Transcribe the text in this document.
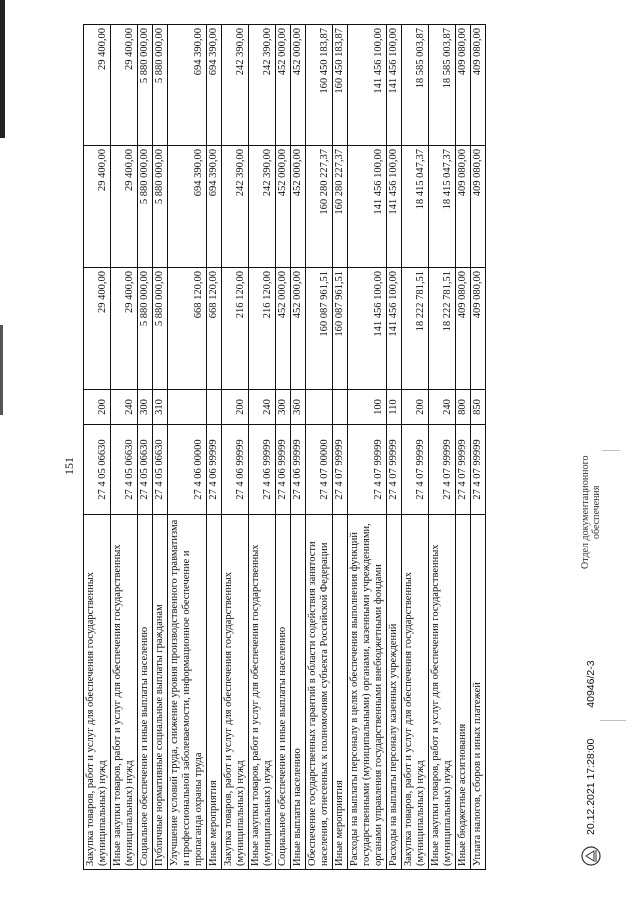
151
Закупка товаров, работ и услуг для обеспечения государственных (муниципальных) нужд	27 4 05 06630	200	29 400,00	29 400,00	29 400,00
Иные закупки товаров, работ и услуг для обеспечения государственных (муниципальных) нужд	27 4 05 06630	240	29 400,00	29 400,00	29 400,00
Социальное обеспечение и иные выплаты населению	27 4 05 06630	300	5 880 000,00	5 880 000,00	5 880 000,00
Публичные нормативные социальные выплаты гражданам	27 4 05 06630	310	5 880 000,00	5 880 000,00	5 880 000,00
Улучшение условий труда, снижение уровня производственного травматизма и профессиональной заболеваемости, информационное обеспечение и пропаганда охраны труда	27 4 06 00000		668 120,00	694 390,00	694 390,00
Иные мероприятия	27 4 06 99999		668 120,00	694 390,00	694 390,00
Закупка товаров, работ и услуг для обеспечения государственных (муниципальных) нужд	27 4 06 99999	200	216 120,00	242 390,00	242 390,00
Иные закупки товаров, работ и услуг для обеспечения государственных (муниципальных) нужд	27 4 06 99999	240	216 120,00	242 390,00	242 390,00
Социальное обеспечение и иные выплаты населению	27 4 06 99999	300	452 000,00	452 000,00	452 000,00
Иные выплаты населению	27 4 06 99999	360	452 000,00	452 000,00	452 000,00
Обеспечение государственных гарантий в области содействия занятости населения, отнесенных к полномочиям субъекта Российской Федерации	27 4 07 00000		160 087 961,51	160 280 227,37	160 450 183,87
Иные мероприятия	27 4 07 99999		160 087 961,51	160 280 227,37	160 450 183,87
Расходы на выплаты персоналу в целях обеспечения выполнения функций государственными (муниципальными) органами, казенными учреждениями, органами управления государственными внебюджетными фондами	27 4 07 99999	100	141 456 100,00	141 456 100,00	141 456 100,00
Расходы на выплаты персоналу казенных учреждений	27 4 07 99999	110	141 456 100,00	141 456 100,00	141 456 100,00
Закупка товаров, работ и услуг для обеспечения государственных (муниципальных) нужд	27 4 07 99999	200	18 222 781,51	18 415 047,37	18 585 003,87
Иные закупки товаров, работ и услуг для обеспечения государственных (муниципальных) нужд	27 4 07 99999	240	18 222 781,51	18 415 047,37	18 585 003,87
Иные бюджетные ассигнования	27 4 07 99999	800	409 080,00	409 080,00	409 080,00
Уплата налогов, сборов и иных платежей	27 4 07 99999	850	409 080,00	409 080,00	409 080,00
20.12.2021 17:28:00 40946/2-3
Отдел документационного обеспечения
